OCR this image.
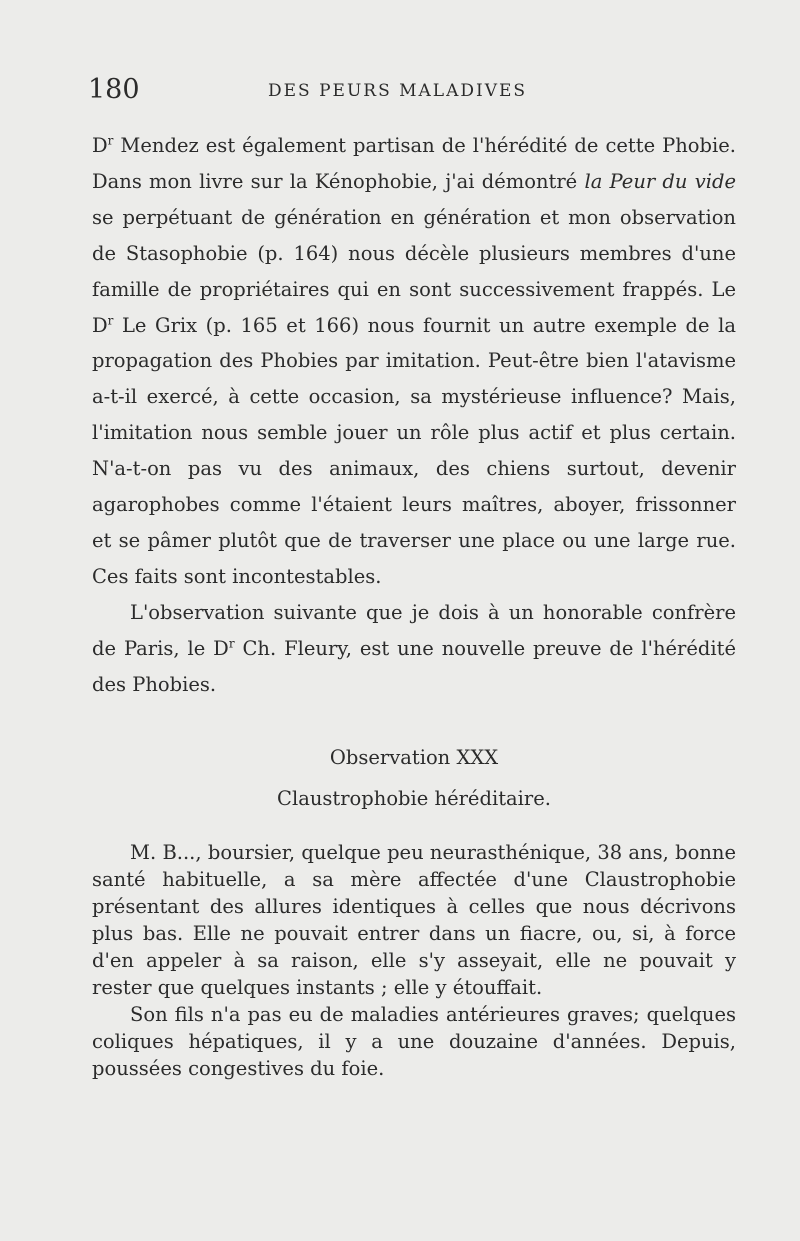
180	DES PEURS MALADIVES

$D^r$ Mendez est également partisan de l'hérédité de cette Phobie. Dans mon livre sur la Kénophobie, j'ai démontré la Peur du vide se perpétuant de génération en génération et mon observation de Stasophobie (p. 164) nous décèle plusieurs membres d'une famille de propriétaires qui en sont successivement frappés. Le $D^r$ Le Grix (p. 165 et 166) nous fournit un autre exemple de la propagation des Phobies par imitation. Peut-être bien l'atavisme a-t-il exercé, à cette occasion, sa mystérieuse influence? Mais, l'imitation nous semble jouer un rôle plus actif et plus certain. N'a-t-on pas vu des animaux, des chiens surtout, devenir agarophobes comme l'étaient leurs maîtres, aboyer, frissonner et se pâmer plutôt que de traverser une place ou une large rue. Ces faits sont incontestables.

L'observation suivante que je dois à un honorable confrère de Paris, le $D^r$ Ch. Fleury, est une nouvelle preuve de l'hérédité des Phobies.

Observation XXX
Claustrophobie héréditaire.

M. B..., boursier, quelque peu neurasthénique, 38 ans, bonne santé habituelle, a sa mère affectée d'une Claustrophobie présentant des allures identiques à celles que nous décrivons plus bas. Elle ne pouvait entrer dans un fiacre, ou, si, à force d'en appeler à sa raison, elle s'y asseyait, elle ne pouvait y rester que quelques instants ; elle y étouffait.

Son fils n'a pas eu de maladies antérieures graves; quelques coliques hépatiques, il y a une douzaine d'années. Depuis, poussées congestives du foie.
